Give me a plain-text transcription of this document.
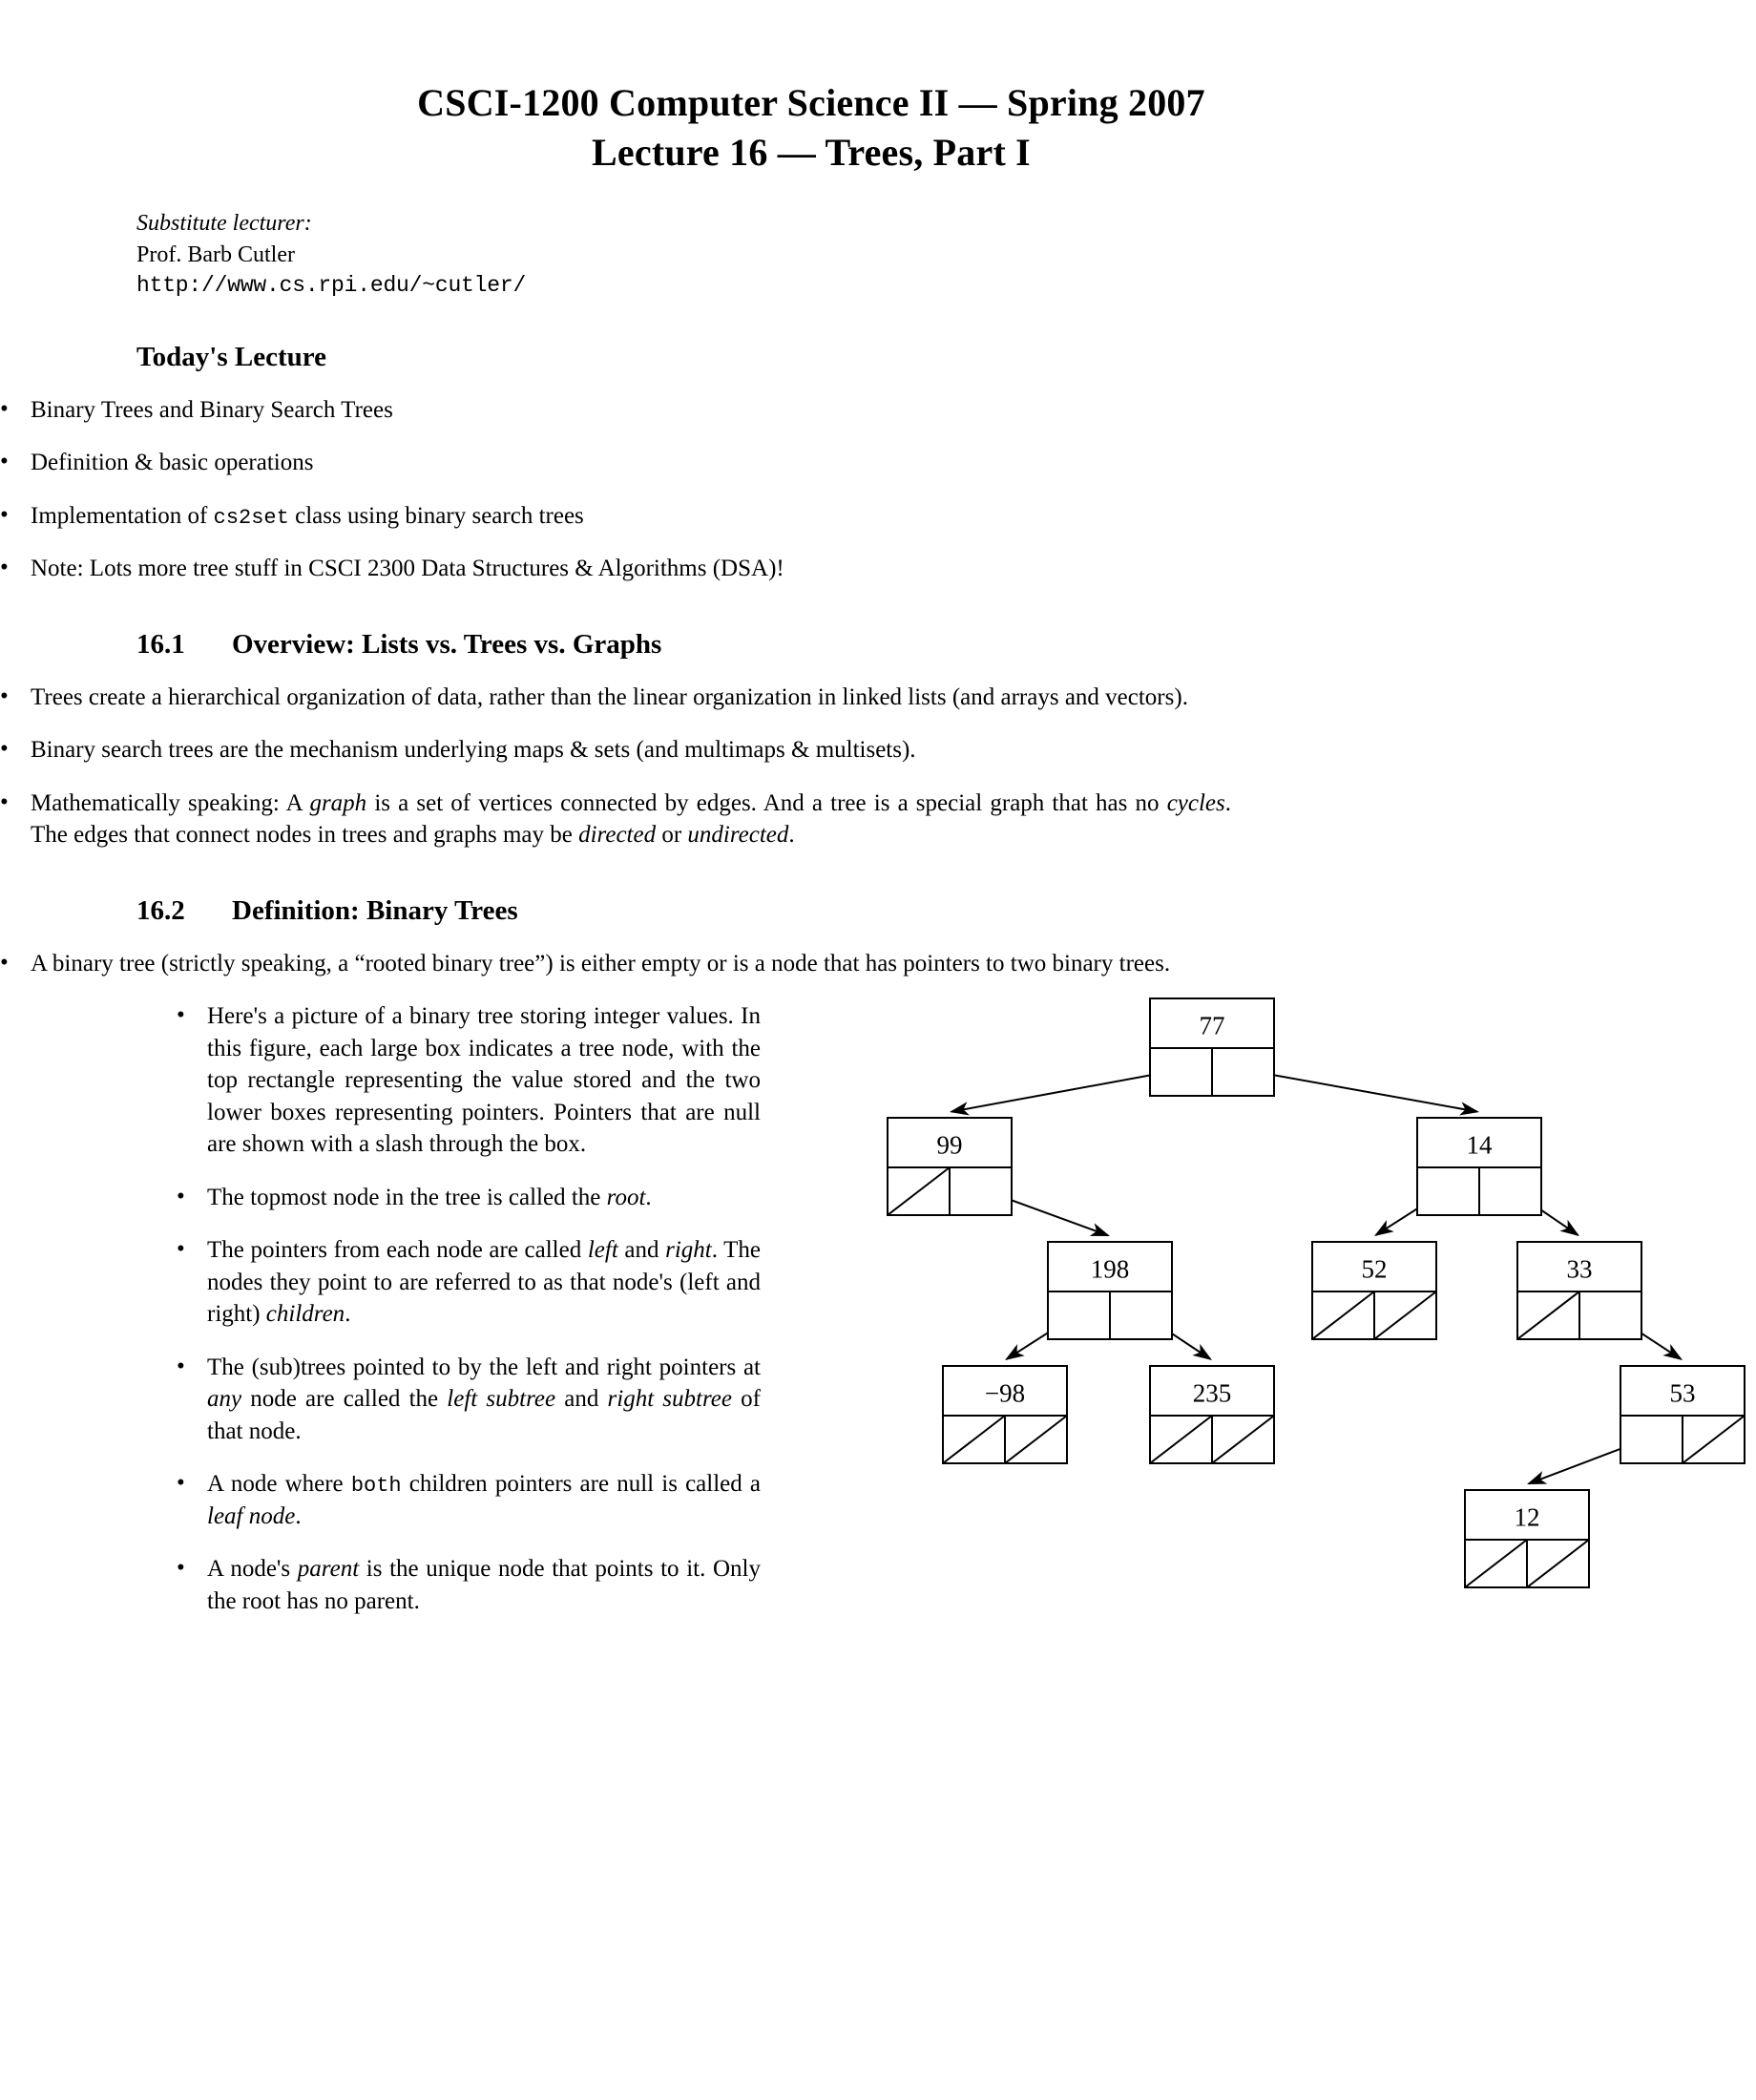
CSCI-1200 Computer Science II — Spring 2007
Lecture 16 — Trees, Part I
Substitute lecturer:
Prof. Barb Cutler
http://www.cs.rpi.edu/~cutler/
Today's Lecture
• Binary Trees and Binary Search Trees
• Definition & basic operations
• Implementation of cs2set class using binary search trees
• Note: Lots more tree stuff in CSCI 2300 Data Structures & Algorithms (DSA)!
16.1	Overview: Lists vs. Trees vs. Graphs
• Trees create a hierarchical organization of data, rather than the linear organization in linked lists (and arrays and vectors).
• Binary search trees are the mechanism underlying maps & sets (and multimaps & multisets).
• Mathematically speaking: A graph is a set of vertices connected by edges. And a tree is a special graph that has no cycles. The edges that connect nodes in trees and graphs may be directed or undirected.
16.2	Definition: Binary Trees
• A binary tree (strictly speaking, a “rooted binary tree”) is either empty or is a node that has pointers to two binary trees.
• Here's a picture of a binary tree storing integer values. In this figure, each large box indicates a tree node, with the top rectangle representing the value stored and the two lower boxes representing pointers. Pointers that are null are shown with a slash through the box.
• The topmost node in the tree is called the root.
• The pointers from each node are called left and right. The nodes they point to are referred to as that node's (left and right) children.
• The (sub)trees pointed to by the left and right pointers at any node are called the left subtree and right subtree of that node.
• A node where both children pointers are null is called a leaf node.
• A node's parent is the unique node that points to it. Only the root has no parent.
77
99	14
198	52	33
−98	235	53
12
